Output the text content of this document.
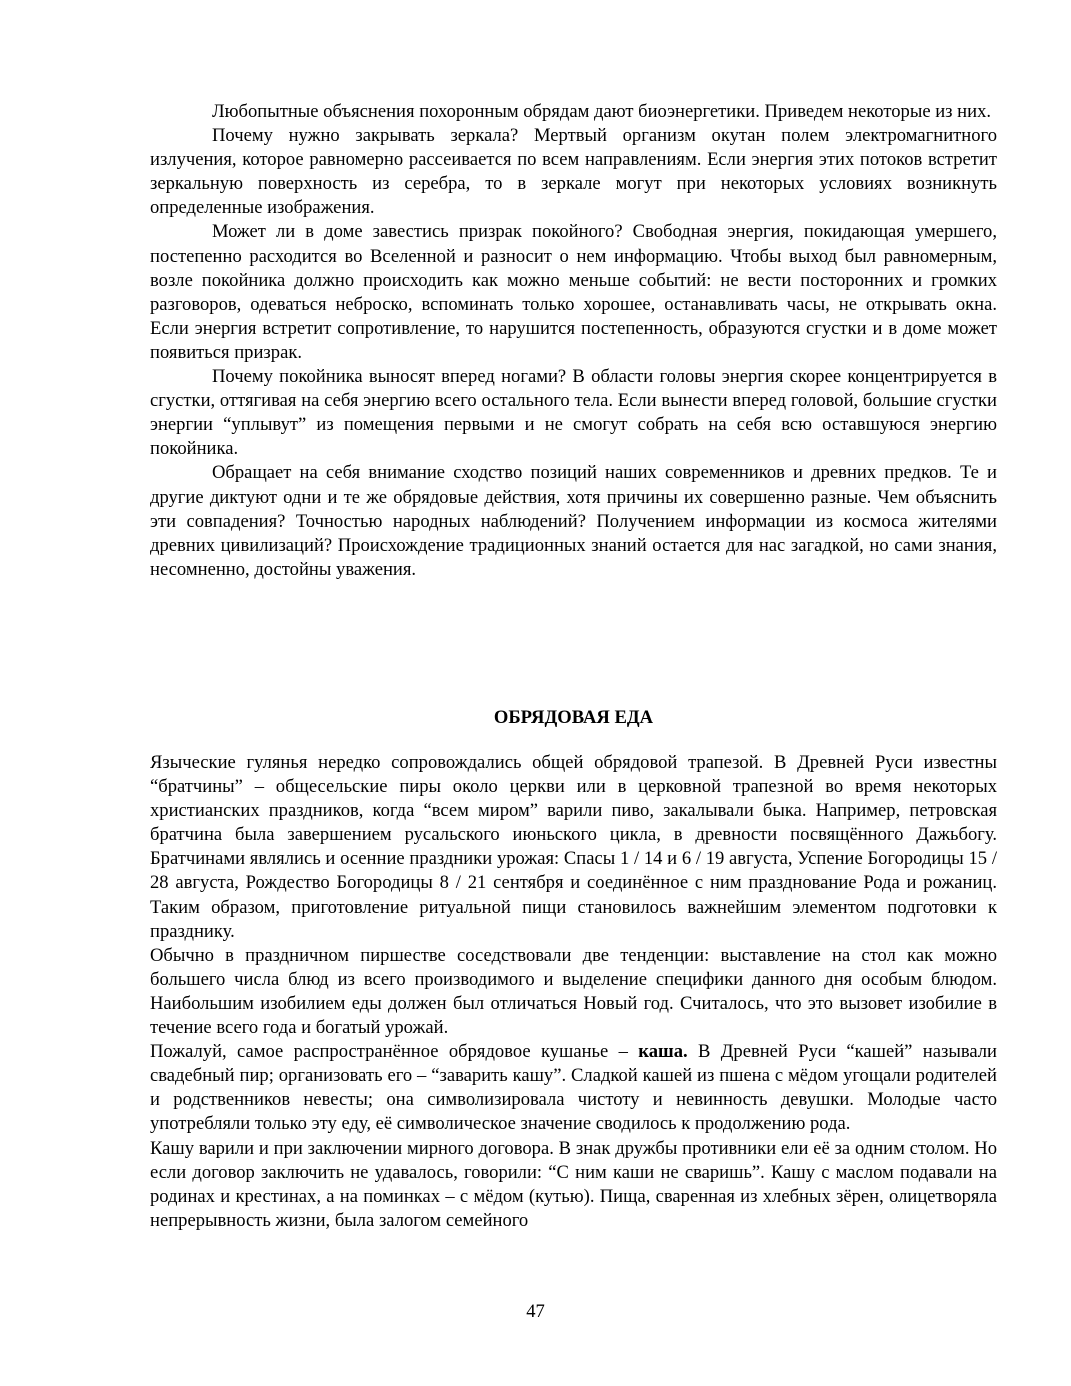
Любопытные объяснения похоронным обрядам дают биоэнергетики. Приведем некоторые из них.

Почему нужно закрывать зеркала? Мертвый организм окутан полем электромагнитного излучения, которое равномерно рассеивается по всем направлениям. Если энергия этих потоков встретит зеркальную поверхность из серебра, то в зеркале могут при некоторых условиях возникнуть определенные изображения.

Может ли в доме завестись призрак покойного? Свободная энергия, покидающая умершего, постепенно расходится во Вселенной и разносит о нем информацию. Чтобы выход был равномерным, возле покойника должно происходить как можно меньше событий: не вести посторонних и громких разговоров, одеваться неброско, вспоминать только хорошее, останавливать часы, не открывать окна. Если энергия встретит сопротивление, то нарушится постепенность, образуются сгустки и в доме может появиться призрак.

Почему покойника выносят вперед ногами? В области головы энергия скорее концентрируется в сгустки, оттягивая на себя энергию всего остального тела. Если вынести вперед головой, большие сгустки энергии “уплывут” из помещения первыми и не смогут собрать на себя всю оставшуюся энергию покойника.

Обращает на себя внимание сходство позиций наших современников и древних предков. Те и другие диктуют одни и те же обрядовые действия, хотя причины их совершенно разные. Чем объяснить эти совпадения? Точностью народных наблюдений? Получением информации из космоса жителями древних цивилизаций? Происхождение традиционных знаний остается для нас загадкой, но сами знания, несомненно, достойны уважения.

ОБРЯДОВАЯ ЕДА

Языческие гулянья нередко сопровождались общей обрядовой трапезой. В Древней Руси известны “братчины” – общесельские пиры около церкви или в церковной трапезной во время некоторых христианских праздников, когда “всем миром” варили пиво, закалывали быка. Например, петровская братчина была завершением русальского июньского цикла, в древности посвящённого Дажьбогу. Братчинами являлись и осенние праздники урожая: Спасы 1 / 14 и 6 / 19 августа, Успение Богородицы 15 / 28 августа, Рождество Богородицы 8 / 21 сентября и соединённое с ним празднование Рода и рожаниц. Таким образом, приготовление ритуальной пищи становилось важнейшим элементом подготовки к празднику.

Обычно в праздничном пиршестве соседствовали две тенденции: выставление на стол как можно большего числа блюд из всего производимого и выделение специфики данного дня особым блюдом. Наибольшим изобилием еды должен был отличаться Новый год. Считалось, что это вызовет изобилие в течение всего года и богатый урожай.

Пожалуй, самое распространённое обрядовое кушанье – каша. В Древней Руси “кашей” называли свадебный пир; организовать его – “заварить кашу”. Сладкой кашей из пшена с мёдом угощали родителей и родственников невесты; она символизировала чистоту и невинность девушки. Молодые часто употребляли только эту еду, её символическое значение сводилось к продолжению рода.

Кашу варили и при заключении мирного договора. В знак дружбы противники ели её за одним столом. Но если договор заключить не удавалось, говорили: “С ним каши не сваришь”. Кашу с маслом подавали на родинах и крестинах, а на поминках – с мёдом (кутью). Пища, сваренная из хлебных зёрен, олицетворяла непрерывность жизни, была залогом семейного

47
